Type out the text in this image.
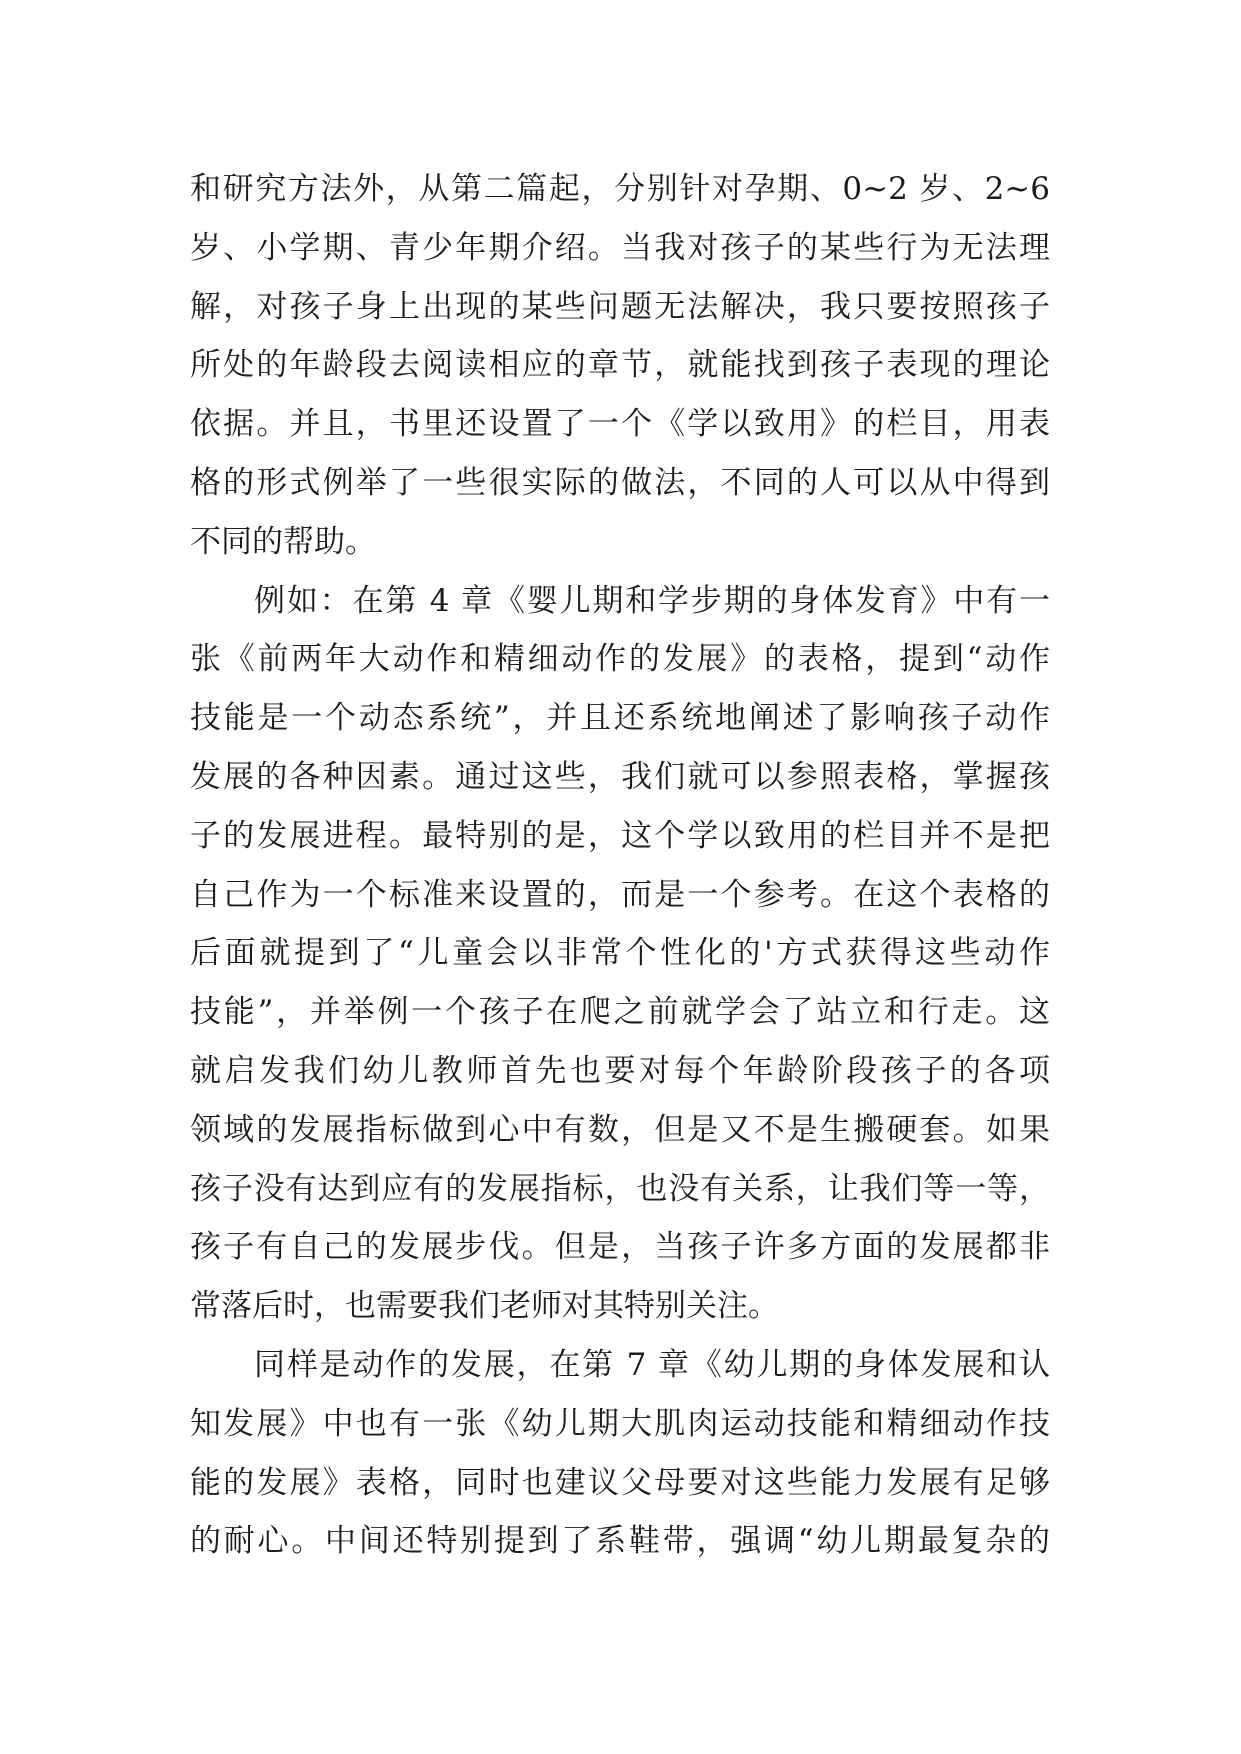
和研究方法外，从第二篇起，分别针对孕期、0~2 岁、2~6
岁、小学期、青少年期介绍。当我对孩子的某些行为无法理
解，对孩子身上出现的某些问题无法解决，我只要按照孩子
所处的年龄段去阅读相应的章节，就能找到孩子表现的理论
依据。并且，书里还设置了一个《学以致用》的栏目，用表
格的形式例举了一些很实际的做法，不同的人可以从中得到
不同的帮助。
例如：在第 4 章《婴儿期和学步期的身体发育》中有一
张《前两年大动作和精细动作的发展》的表格，提到“动作
技能是一个动态系统”，并且还系统地阐述了影响孩子动作
发展的各种因素。通过这些，我们就可以参照表格，掌握孩
子的发展进程。最特别的是，这个学以致用的栏目并不是把
自己作为一个标准来设置的，而是一个参考。在这个表格的
后面就提到了“儿童会以非常个性化的'方式获得这些动作
技能”，并举例一个孩子在爬之前就学会了站立和行走。这
就启发我们幼儿教师首先也要对每个年龄阶段孩子的各项
领域的发展指标做到心中有数，但是又不是生搬硬套。如果
孩子没有达到应有的发展指标，也没有关系，让我们等一等，
孩子有自己的发展步伐。但是，当孩子许多方面的发展都非
常落后时，也需要我们老师对其特别关注。
同样是动作的发展，在第 7 章《幼儿期的身体发展和认
知发展》中也有一张《幼儿期大肌肉运动技能和精细动作技
能的发展》表格，同时也建议父母要对这些能力发展有足够
的耐心。中间还特别提到了系鞋带，强调“幼儿期最复杂的
